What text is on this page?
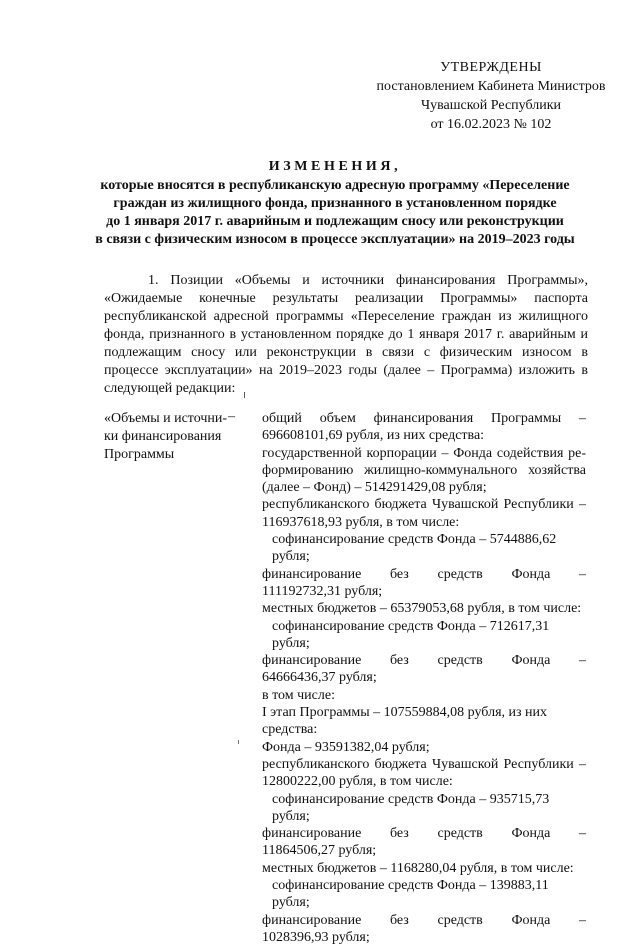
УТВЕРЖДЕНЫ
постановлением Кабинета Министров
Чувашской Республики
от 16.02.2023 № 102
ИЗМЕНЕНИЯ,
которые вносятся в республиканскую адресную программу «Переселение
граждан из жилищного фонда, признанного в установленном порядке
до 1 января 2017 г. аварийным и подлежащим сносу или реконструкции
в связи с физическим износом в процессе эксплуатации» на 2019–2023 годы
1. Позиции «Объемы и источники финансирования Программы», «Ожидаемые конечные результаты реализации Программы» паспорта республиканской адресной программы «Переселение граждан из жилищного фонда, признанного в установленном порядке до 1 января 2017 г. аварийным и подлежащим сносу или реконструкции в связи с физическим износом в процессе эксплуатации» на 2019–2023 годы (далее – Программа) изложить в следующей редакции:
«Объемы и источни-
ки финансирования
Программы
– общий объем финансирования Программы –
696608101,69 рубля, из них средства:
государственной корпорации – Фонда содействия ре-
формированию жилищно-коммунального хозяйства
(далее – Фонд) – 514291429,08 рубля;
республиканского бюджета Чувашской Республики –
116937618,93 рубля, в том числе:
софинансирование средств Фонда – 5744886,62 рубля;
финансирование без средств Фонда –
111192732,31 рубля;
местных бюджетов – 65379053,68 рубля, в том числе:
софинансирование средств Фонда – 712617,31 рубля;
финансирование без средств Фонда –
64666436,37 рубля;
в том числе:
I этап Программы – 107559884,08 рубля, из них средства:
Фонда – 93591382,04 рубля;
республиканского бюджета Чувашской Республики –
12800222,00 рубля, в том числе:
софинансирование средств Фонда – 935715,73 рубля;
финансирование без средств Фонда –
11864506,27 рубля;
местных бюджетов – 1168280,04 рубля, в том числе:
софинансирование средств Фонда – 139883,11 рубля;
финансирование без средств Фонда –
1028396,93 рубля;
